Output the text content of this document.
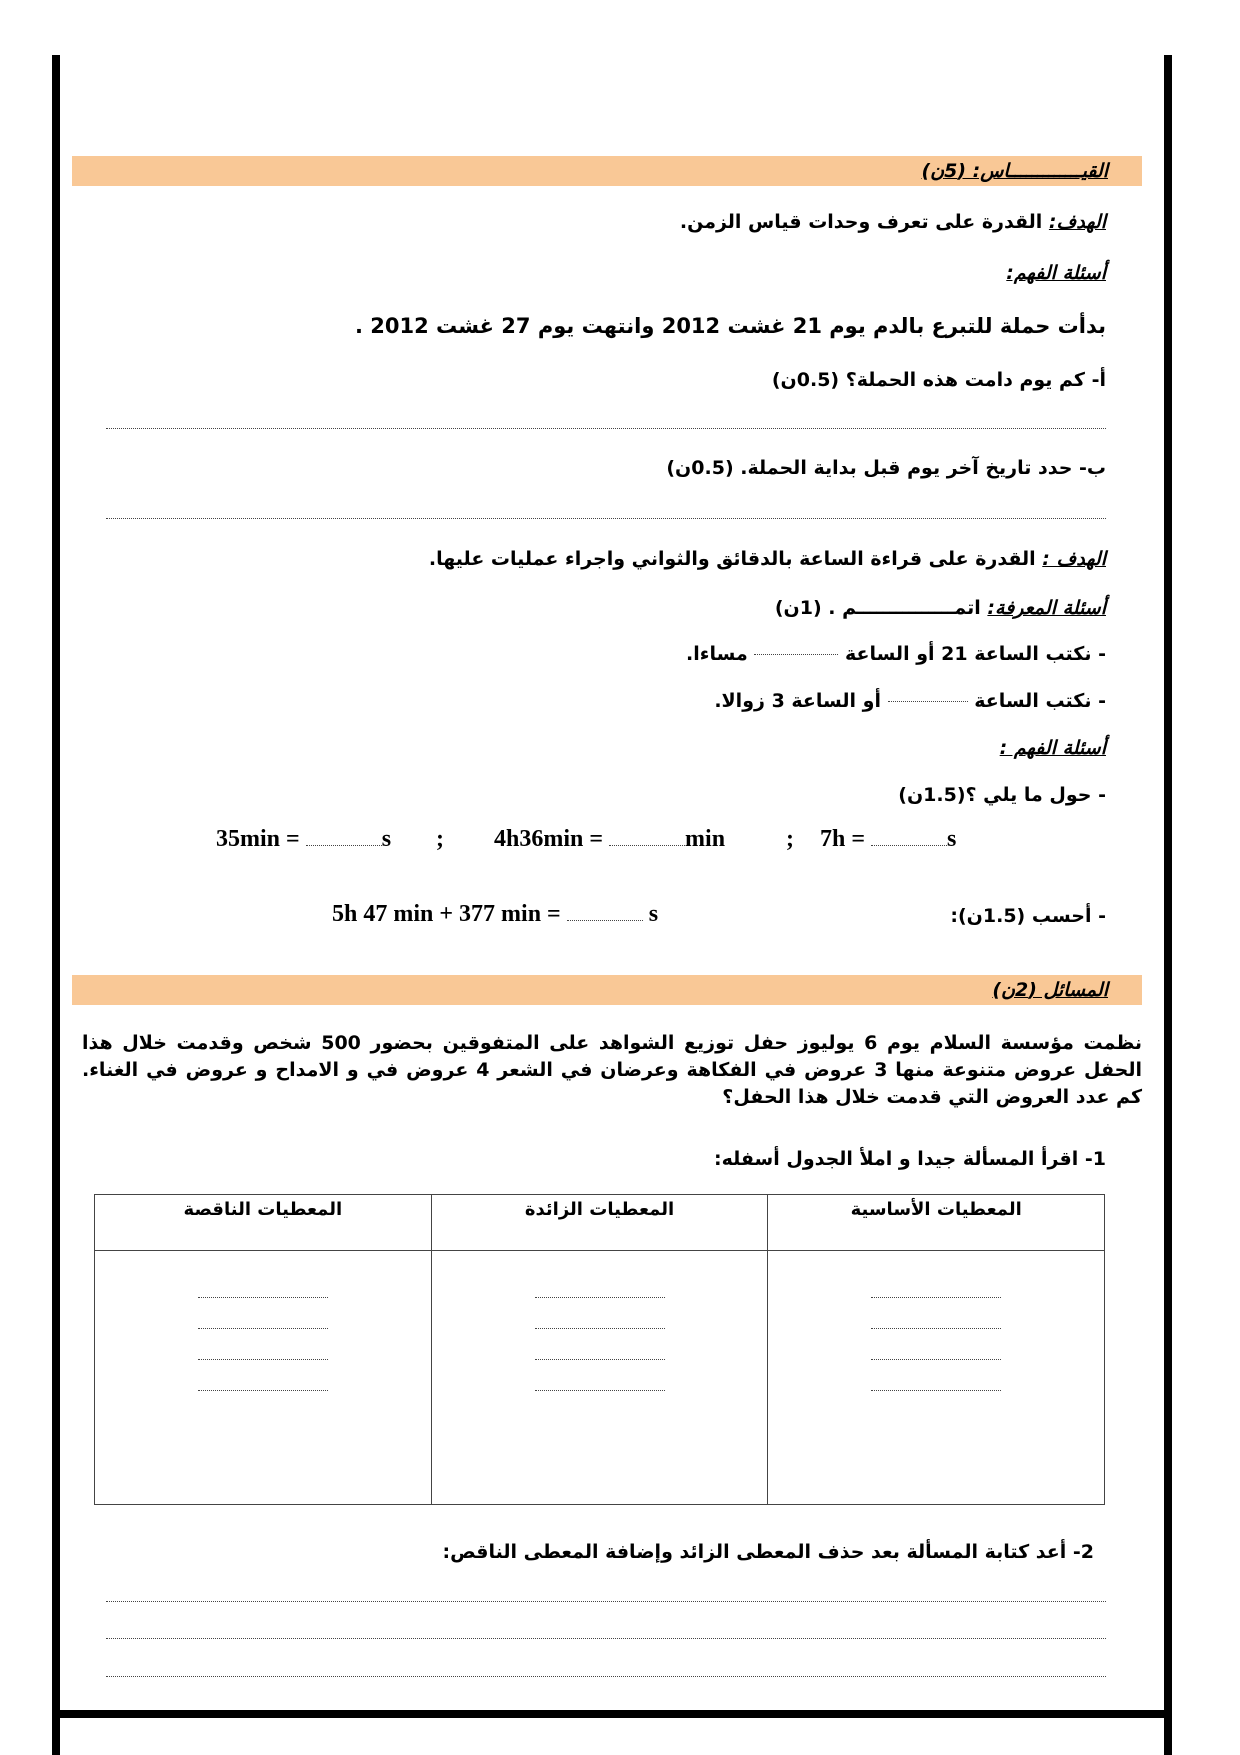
القيـــــــــــــاس: (5ن)
الهدف: القدرة على تعرف وحدات قياس الزمن.
أسئلة الفهم:
بدأت حملة للتبرع بالدم يوم 21 غشت 2012 وانتهت يوم 27 غشت 2012 .
أ- كم يوم دامت هذه الحملة؟ (0.5ن)
ب- حدد تاريخ آخر يوم قبل بداية الحملة. (0.5ن)
الهدف : القدرة على قراءة الساعة بالدقائق والثواني واجراء عمليات عليها.
أسئلة المعرفة: اتمـــــــــــــــم . (1ن)
- نكتب الساعة 21 أو الساعة  مساءا.
- نكتب الساعة  أو الساعة 3 زوالا.
أسئلة الفهم :
- حول ما يلي ؟(1.5ن)
35min =	s ; 4h36min =	min	; 7h =	s
- أحسب (1.5ن):
5h 47 min + 377 min =	s
المسائل (2ن)
نظمت مؤسسة السلام يوم 6 يوليوز حفل توزيع الشواهد على المتفوقين بحضور 500 شخص وقدمت خلال هذا الحفل عروض متنوعة منها 3 عروض في الفكاهة وعرضان في الشعر 4 عروض في و الامداح و عروض في الغناء. كم عدد العروض التي قدمت خلال هذا الحفل؟
1- اقرأ المسألة جيدا و املأ الجدول أسفله:
المعطيات الأساسية	المعطيات الزائدة	المعطيات الناقصة

2- أعد كتابة المسألة بعد حذف المعطى الزائد وإضافة المعطى الناقص:
